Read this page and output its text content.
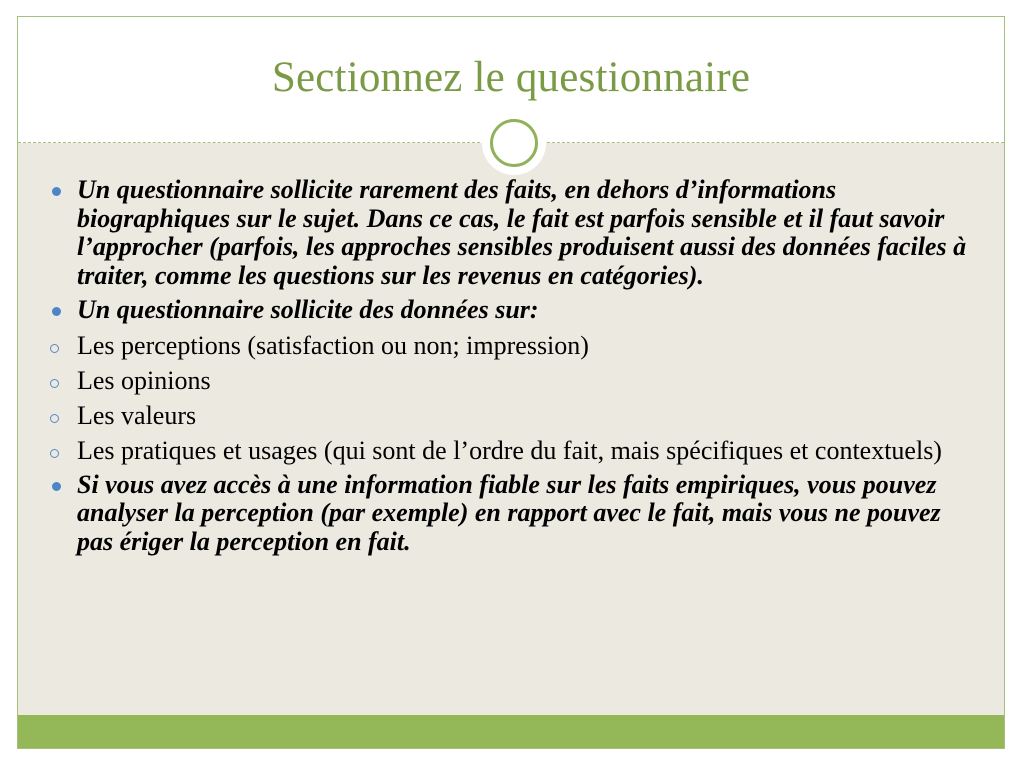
Sectionnez le questionnaire
Un questionnaire sollicite rarement des faits, en dehors d’informations biographiques sur le sujet. Dans ce cas, le fait est parfois sensible et il faut savoir l’approcher (parfois, les approches sensibles produisent aussi des données faciles à traiter, comme les questions sur les revenus en catégories).
Un questionnaire sollicite des données sur:
Les perceptions (satisfaction ou non; impression)
Les opinions
Les valeurs
Les pratiques et usages (qui sont de l’ordre du fait, mais spécifiques et contextuels)
Si vous avez accès à une information fiable sur les faits empiriques, vous pouvez analyser la perception (par exemple) en rapport avec le fait, mais vous ne pouvez pas ériger la perception en fait.
